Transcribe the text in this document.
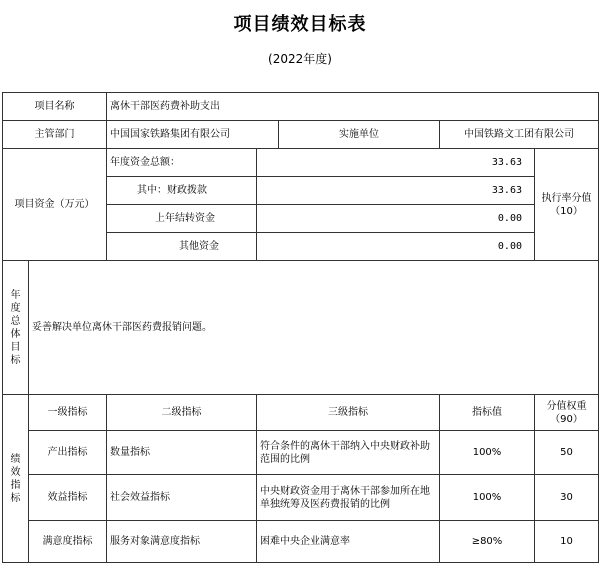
项目绩效目标表
(2022年度)
项目名称		离休干部医药费补助支出				
主管部门		中国国家铁路集团有限公司		实施单位	中国铁路文工团有限公司	
项目资金（万元）		年度资金总额：	33.63			执行率分值（10）
		其中：财政拨款	33.63			
		上年结转资金	0.00			
		其他资金	0.00			
年度总体目标	妥善解决单位离休干部医药费报销问题。					
绩效指标	一级指标	二级指标	三级指标		指标值	分值权重（90）
	产出指标	数量指标	符合条件的离休干部纳入中央财政补助范围的比例		100%	50
	效益指标	社会效益指标	中央财政资金用于离休干部参加所在地单独统筹及医药费报销的比例		100%	30
	满意度指标	服务对象满意度指标	困难中央企业满意率		≥80%	10
